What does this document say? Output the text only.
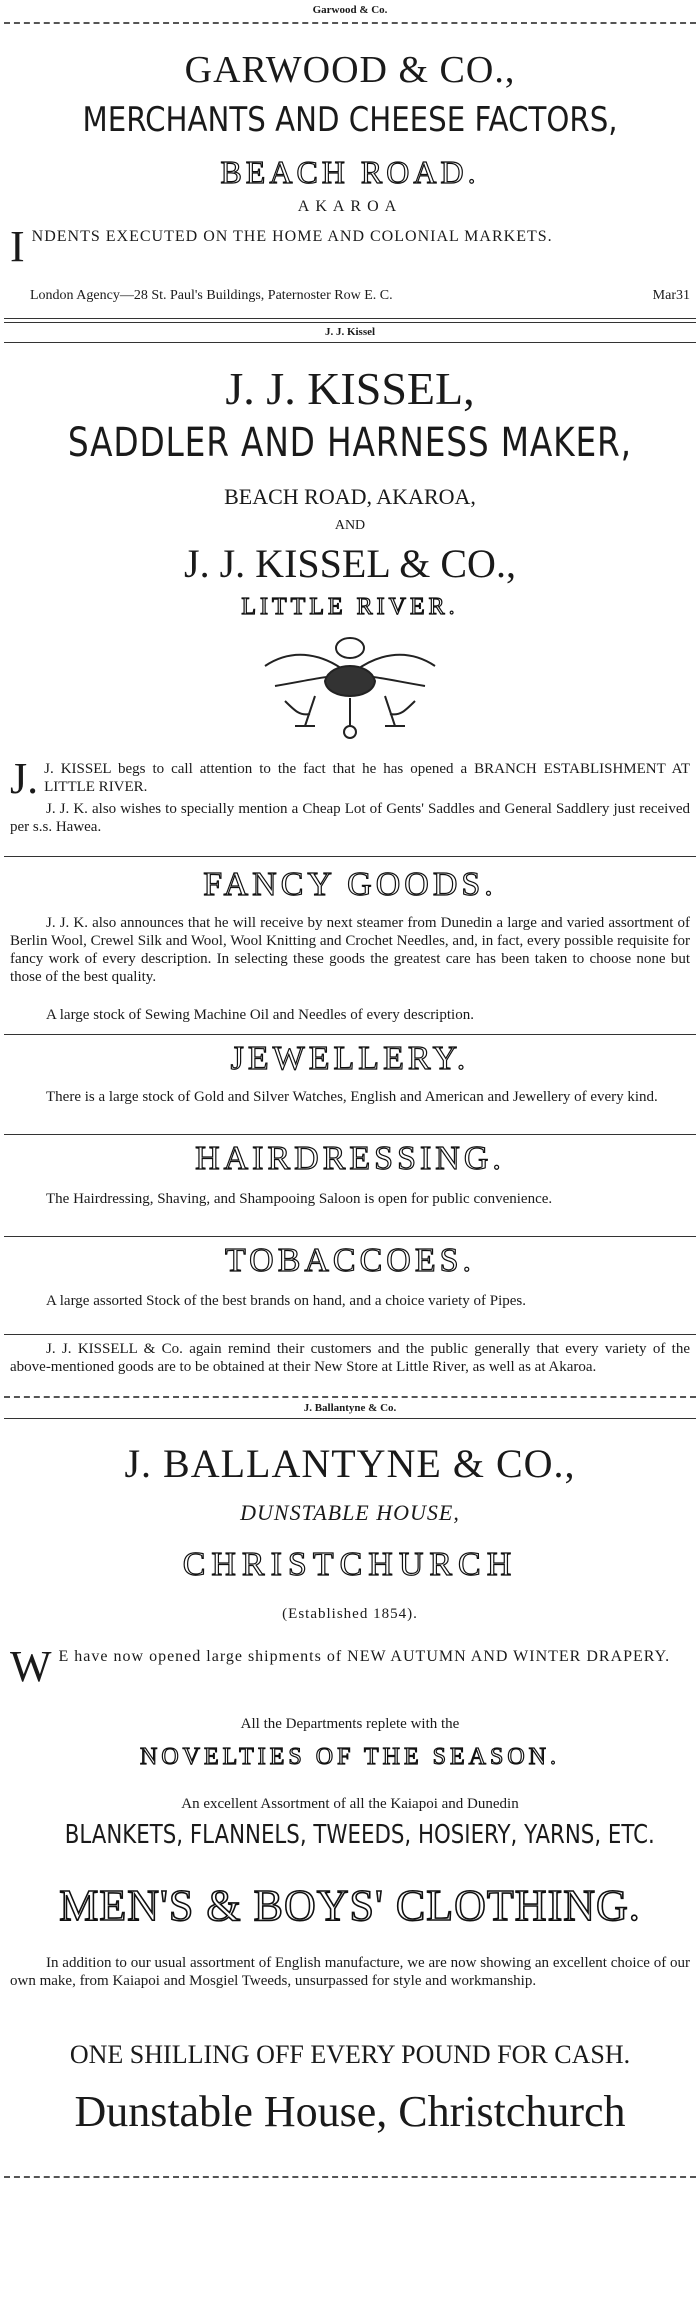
Garwood & Co.
GARWOOD & CO.,
MERCHANTS AND CHEESE FACTORS,
BEACH ROAD.
AKAROA
I NDENTS EXECUTED ON THE HOME AND COLONIAL MARKETS.
London Agency—28 St. Paul's Buildings, Paternoster Row E. C.	Mar31
J. J. Kissel
J. J. KISSEL,
SADDLER AND HARNESS MAKER,
BEACH ROAD, AKAROA,
AND
J. J. KISSEL & CO.,
LITTLE RIVER.
J. J. KISSEL begs to call attention to the fact that he has opened a BRANCH ESTABLISHMENT AT LITTLE RIVER.
J. J. K. also wishes to specially mention a Cheap Lot of Gents' Saddles and General Saddlery just received per s.s. Hawea.
FANCY GOODS.
J. J. K. also announces that he will receive by next steamer from Dunedin a large and varied assortment of Berlin Wool, Crewel Silk and Wool, Wool Knitting and Crochet Needles, and, in fact, every possible requisite for fancy work of every description. In selecting these goods the greatest care has been taken to choose none but those of the best quality.
A large stock of Sewing Machine Oil and Needles of every description.
JEWELLERY.
There is a large stock of Gold and Silver Watches, English and American and Jewellery of every kind.
HAIRDRESSING.
The Hairdressing, Shaving, and Shampooing Saloon is open for public convenience.
TOBACCOES.
A large assorted Stock of the best brands on hand, and a choice variety of Pipes.
J. J. KISSELL & Co. again remind their customers and the public generally that every variety of the above-mentioned goods are to be obtained at their New Store at Little River, as well as at Akaroa.
J. Ballantyne & Co.
J. BALLANTYNE & CO.,
DUNSTABLE HOUSE,
CHRISTCHURCH
(Established 1854).
W E have now opened large shipments of NEW AUTUMN AND WINTER DRAPERY.
All the Departments replete with the
NOVELTIES OF THE SEASON.
An excellent Assortment of all the Kaiapoi and Dunedin
BLANKETS, FLANNELS, TWEEDS, HOSIERY, YARNS, ETC.
MEN'S & BOYS' CLOTHING.
In addition to our usual assortment of English manufacture, we are now showing an excellent choice of our own make, from Kaiapoi and Mosgiel Tweeds, unsurpassed for style and workmanship.
ONE SHILLING OFF EVERY POUND FOR CASH.
Dunstable House, Christchurch
